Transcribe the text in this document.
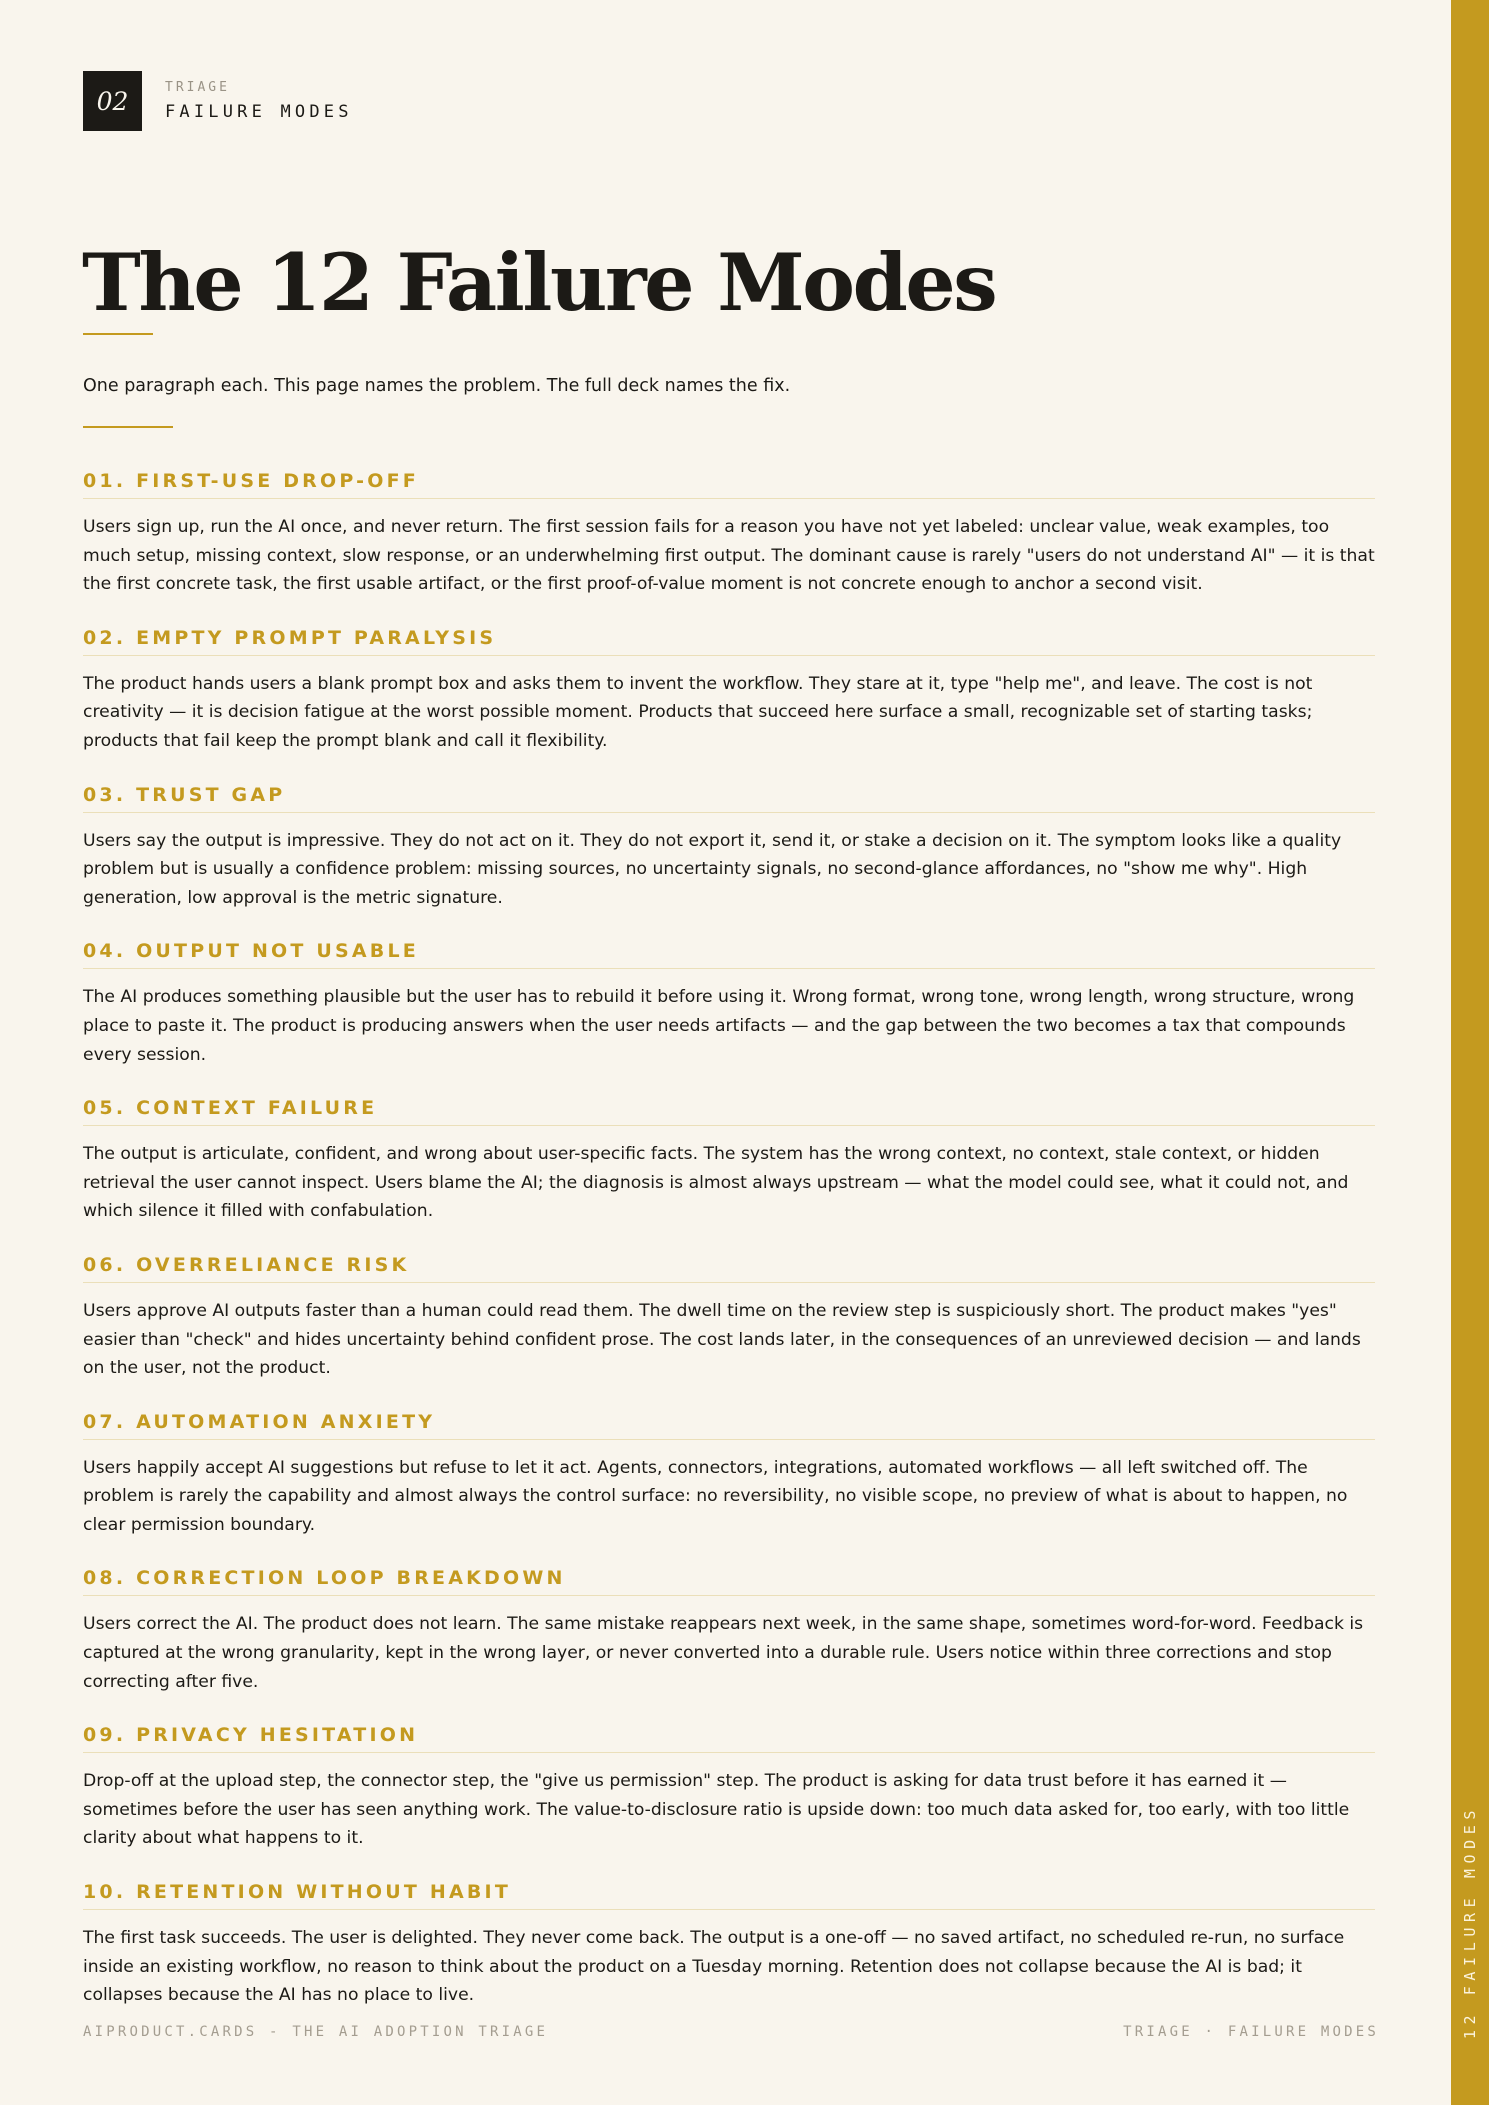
12 FAILURE MODES
02	TRIAGE
FAILURE MODES
The 12 Failure Modes

One paragraph each. This page names the problem. The full deck names the fix.

01. FIRST-USE DROP-OFF

Users sign up, run the AI once, and never return. The first session fails for a reason you have not yet labeled: unclear value, weak examples, too much setup, missing context, slow response, or an underwhelming first output. The dominant cause is rarely "users do not understand AI" — it is that the first concrete task, the first usable artifact, or the first proof-of-value moment is not concrete enough to anchor a second visit.

02. EMPTY PROMPT PARALYSIS

The product hands users a blank prompt box and asks them to invent the workflow. They stare at it, type "help me", and leave. The cost is not creativity — it is decision fatigue at the worst possible moment. Products that succeed here surface a small, recognizable set of starting tasks; products that fail keep the prompt blank and call it flexibility.

03. TRUST GAP

Users say the output is impressive. They do not act on it. They do not export it, send it, or stake a decision on it. The symptom looks like a quality problem but is usually a confidence problem: missing sources, no uncertainty signals, no second-glance affordances, no "show me why". High generation, low approval is the metric signature.

04. OUTPUT NOT USABLE

The AI produces something plausible but the user has to rebuild it before using it. Wrong format, wrong tone, wrong length, wrong structure, wrong place to paste it. The product is producing answers when the user needs artifacts — and the gap between the two becomes a tax that compounds every session.

05. CONTEXT FAILURE

The output is articulate, confident, and wrong about user-specific facts. The system has the wrong context, no context, stale context, or hidden retrieval the user cannot inspect. Users blame the AI; the diagnosis is almost always upstream — what the model could see, what it could not, and which silence it filled with confabulation.

06. OVERRELIANCE RISK

Users approve AI outputs faster than a human could read them. The dwell time on the review step is suspiciously short. The product makes "yes" easier than "check" and hides uncertainty behind confident prose. The cost lands later, in the consequences of an unreviewed decision — and lands on the user, not the product.

07. AUTOMATION ANXIETY

Users happily accept AI suggestions but refuse to let it act. Agents, connectors, integrations, automated workflows — all left switched off. The problem is rarely the capability and almost always the control surface: no reversibility, no visible scope, no preview of what is about to happen, no clear permission boundary.

08. CORRECTION LOOP BREAKDOWN

Users correct the AI. The product does not learn. The same mistake reappears next week, in the same shape, sometimes word-for-word. Feedback is captured at the wrong granularity, kept in the wrong layer, or never converted into a durable rule. Users notice within three corrections and stop correcting after five.

09. PRIVACY HESITATION

Drop-off at the upload step, the connector step, the "give us permission" step. The product is asking for data trust before it has earned it — sometimes before the user has seen anything work. The value-to-disclosure ratio is upside down: too much data asked for, too early, with too little clarity about what happens to it.

10. RETENTION WITHOUT HABIT

The first task succeeds. The user is delighted. They never come back. The output is a one-off — no saved artifact, no scheduled re-run, no surface inside an existing workflow, no reason to think about the product on a Tuesday morning. Retention does not collapse because the AI is bad; it collapses because the AI has no place to live.

AIPRODUCT.CARDS - THE AI ADOPTION TRIAGE	TRIAGE · FAILURE MODES
